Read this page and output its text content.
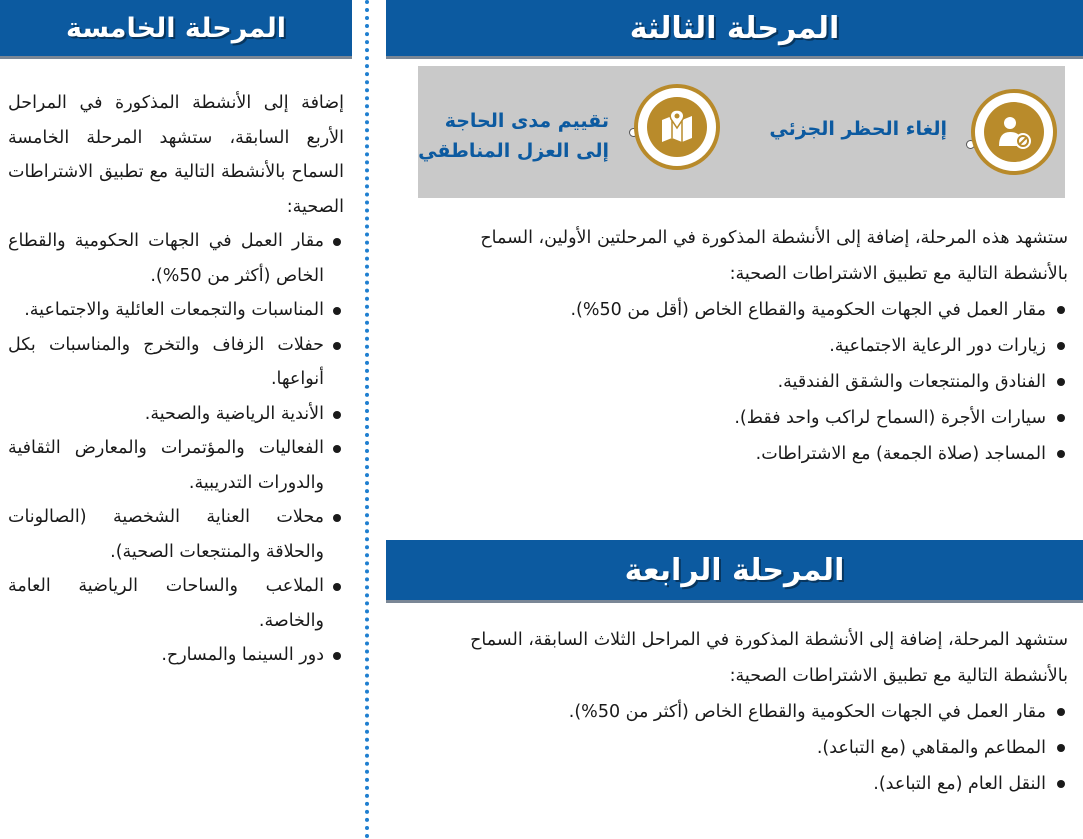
المرحلة الخامسة	المرحلة الثالثة

إضافة إلى الأنشطة المذكورة في المراحل الأربع السابقة، ستشهد المرحلة الخامسة السماح بالأنشطة التالية مع تطبيق الاشتراطات الصحية:

مقار العمل في الجهات الحكومية والقطاع الخاص (أكثر من 50%).
المناسبات والتجمعات العائلية والاجتماعية.
حفلات الزفاف والتخرج والمناسبات بكل أنواعها.
الأندية الرياضية والصحية.
الفعاليات والمؤتمرات والمعارض الثقافية والدورات التدريبية.
محلات العناية الشخصية (الصالونات والحلاقة والمنتجعات الصحية).
الملاعب والساحات الرياضية العامة والخاصة.
دور السينما والمسارح.
إلغاء الحظر الجزئي
تقييم مدى الحاجة
إلى العزل المناطقي

ستشهد هذه المرحلة، إضافة إلى الأنشطة المذكورة في المرحلتين الأولين، السماح بالأنشطة التالية مع تطبيق الاشتراطات الصحية:

مقار العمل في الجهات الحكومية والقطاع الخاص (أقل من 50%).
زيارات دور الرعاية الاجتماعية.
الفنادق والمنتجعات والشقق الفندقية.
سيارات الأجرة (السماح لراكب واحد فقط).
المساجد (صلاة الجمعة) مع الاشتراطات.
المرحلة الرابعة

ستشهد المرحلة، إضافة إلى الأنشطة المذكورة في المراحل الثلاث السابقة، السماح بالأنشطة التالية مع تطبيق الاشتراطات الصحية:

مقار العمل في الجهات الحكومية والقطاع الخاص (أكثر من 50%).
المطاعم والمقاهي (مع التباعد).
النقل العام (مع التباعد).
